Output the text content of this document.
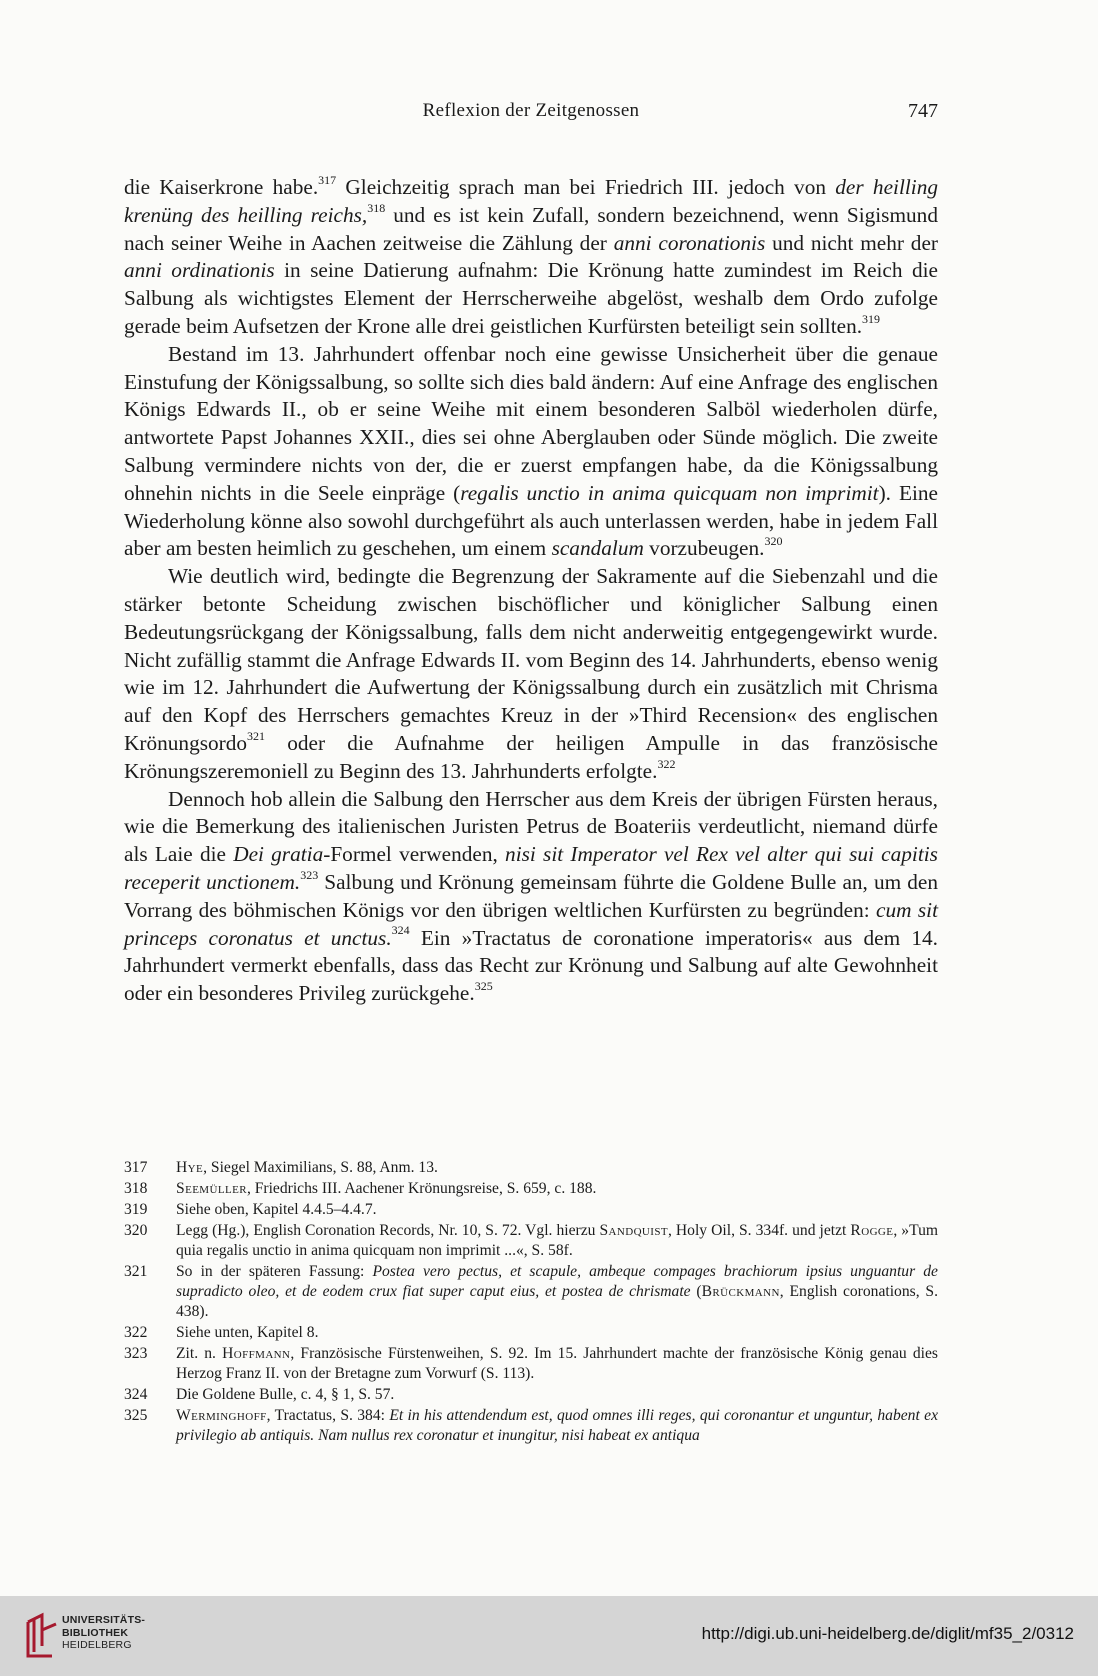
Reflexion der Zeitgenossen	747

die Kaiserkrone habe.$^{317}$ Gleichzeitig sprach man bei Friedrich III. jedoch von der heilling krenüng des heilling reichs,$^{318}$ und es ist kein Zufall, sondern bezeichnend, wenn Sigismund nach seiner Weihe in Aachen zeitweise die Zählung der anni coronationis und nicht mehr der anni ordinationis in seine Datierung aufnahm: Die Krönung hatte zumindest im Reich die Salbung als wichtigstes Element der Herrscherweihe abgelöst, weshalb dem Ordo zufolge gerade beim Aufsetzen der Krone alle drei geistlichen Kurfürsten beteiligt sein sollten.$^{319}$

Bestand im 13. Jahrhundert offenbar noch eine gewisse Unsicherheit über die genaue Einstufung der Königssalbung, so sollte sich dies bald ändern: Auf eine Anfrage des englischen Königs Edwards II., ob er seine Weihe mit einem besonderen Salböl wiederholen dürfe, antwortete Papst Johannes XXII., dies sei ohne Aberglauben oder Sünde möglich. Die zweite Salbung vermindere nichts von der, die er zuerst empfangen habe, da die Königssalbung ohnehin nichts in die Seele einpräge (regalis unctio in anima quicquam non imprimit). Eine Wiederholung könne also sowohl durchgeführt als auch unterlassen werden, habe in jedem Fall aber am besten heimlich zu geschehen, um einem scandalum vorzubeugen.$^{320}$

Wie deutlich wird, bedingte die Begrenzung der Sakramente auf die Siebenzahl und die stärker betonte Scheidung zwischen bischöflicher und königlicher Salbung einen Bedeutungsrückgang der Königssalbung, falls dem nicht anderweitig entgegengewirkt wurde. Nicht zufällig stammt die Anfrage Edwards II. vom Beginn des 14. Jahrhunderts, ebenso wenig wie im 12. Jahrhundert die Aufwertung der Königssalbung durch ein zusätzlich mit Chrisma auf den Kopf des Herrschers gemachtes Kreuz in der »Third Recension« des englischen Krönungsordo$^{321}$ oder die Aufnahme der heiligen Ampulle in das französische Krönungszeremoniell zu Beginn des 13. Jahrhunderts erfolgte.$^{322}$

Dennoch hob allein die Salbung den Herrscher aus dem Kreis der übrigen Fürsten heraus, wie die Bemerkung des italienischen Juristen Petrus de Boateriis verdeutlicht, niemand dürfe als Laie die Dei gratia-Formel verwenden, nisi sit Imperator vel Rex vel alter qui sui capitis receperit unctionem.$^{323}$ Salbung und Krönung gemeinsam führte die Goldene Bulle an, um den Vorrang des böhmischen Königs vor den übrigen weltlichen Kurfürsten zu begründen: cum sit princeps coronatus et unctus.$^{324}$ Ein »Tractatus de coronatione imperatoris« aus dem 14. Jahrhundert vermerkt ebenfalls, dass das Recht zur Krönung und Salbung auf alte Gewohnheit oder ein besonderes Privileg zurückgehe.$^{325}$

317 Hye, Siegel Maximilians, S. 88, Anm. 13.
318 Seemüller, Friedrichs III. Aachener Krönungsreise, S. 659, c. 188.
319 Siehe oben, Kapitel 4.4.5–4.4.7.
320 Legg (Hg.), English Coronation Records, Nr. 10, S. 72. Vgl. hierzu Sandquist, Holy Oil, S. 334f. und jetzt Rogge, »Tum quia regalis unctio in anima quicquam non imprimit ...«, S. 58f.
321 So in der späteren Fassung: Postea vero pectus, et scapule, ambeque compages brachiorum ipsius unguantur de supradicto oleo, et de eodem crux fiat super caput eius, et postea de chrismate (Brückmann, English coronations, S. 438).
322 Siehe unten, Kapitel 8.
323 Zit. n. Hoffmann, Französische Fürstenweihen, S. 92. Im 15. Jahrhundert machte der französische König genau dies Herzog Franz II. von der Bretagne zum Vorwurf (S. 113).
324 Die Goldene Bulle, c. 4, § 1, S. 57.
325 Werminghoff, Tractatus, S. 384: Et in his attendendum est, quod omnes illi reges, qui coronantur et unguntur, habent ex privilegio ab antiquis. Nam nullus rex coronatur et inungitur, nisi habeat ex antiqua
UNIVERSITÄTS-
BIBLIOTHEK
HEIDELBERG
http://digi.ub.uni-heidelberg.de/diglit/mf35_2/0312
